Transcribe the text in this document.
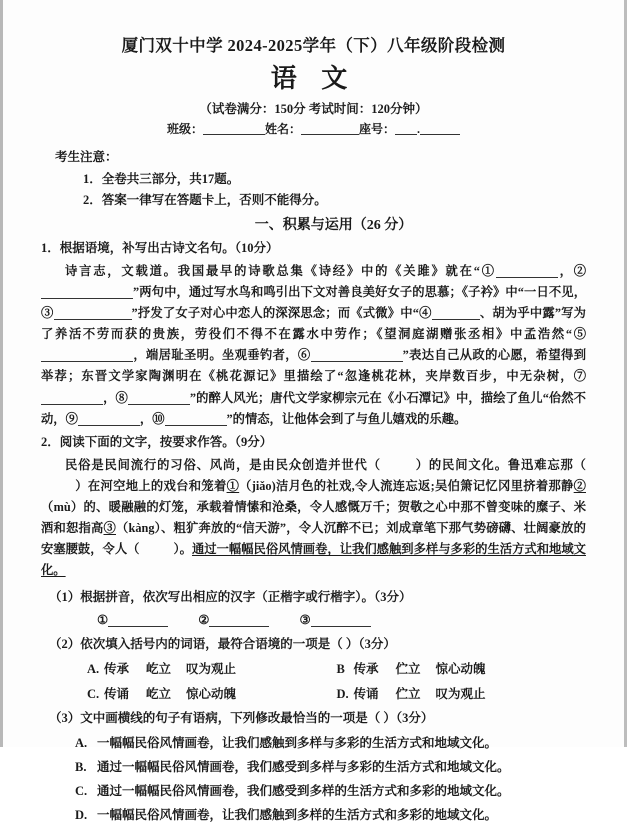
厦门双十中学 2024-2025学年（下）八年级阶段检测
语 文
（试卷满分：150分 考试时间：120分钟）
班级：	姓名：	座号： .
考生注意：
1．全卷共三部分，共17题。
2．答案一律写在答题卡上，否则不能得分。
一、积累与运用（26 分）
1．根据语境，补写出古诗文名句。（10分）
诗言志，文载道。我国最早的诗歌总集《诗经》中的《关雎》就在“①	，②”两句中，通过写水鸟和鸣引出下文对善良美好女子的思慕；《子衿》中“一日不见，③	”抒发了女子对心中恋人的深深思念；而《式微》中“④	、胡为乎中露”写为了养活不劳而获的贵族，劳役们不得不在露水中劳作；《望洞庭湖赠张丞相》中孟浩然“⑤，端居耻圣明。坐观垂钓者，⑥	”表达自己从政的心愿，希望得到举荐；东晋文学家陶渊明在《桃花源记》里描绘了“忽逢桃花林，夹岸数百步，中无杂树，⑦，⑧	”的醉人风光；唐代文学家柳宗元在《小石潭记》中，描绘了鱼儿“佁然不动，⑨	，⑩	”的情态，让他体会到了与鱼儿嬉戏的乐趣。
2．阅读下面的文字，按要求作答。（9分）
民俗是民间流行的习俗、风尚，是由民众创造并世代（	）的民间文化。鲁迅难忘那（）在河空地上的戏台和笼着①（jiǎo)洁月色的社戏,令人流连忘返;吴伯箫记忆冈里挤着那静②（mù）的、暖融融的灯笼，承载着情愫和沧桑，令人感慨万千；贺敬之心中那不曾变味的糜子、米酒和恕指高③（kàng）、粗犷奔放的“信天游”，令人沉醉不已；刘成章笔下那气势磅礴、壮阔豪放的安塞腰鼓，令人（	）。通过一幅幅民俗风情画卷，让我们感触到多样与多彩的生活方式和地域文化。
（1）根据拼音，依次写出相应的汉字（正楷字或行楷字）。（3分）
①	②	③
（2）依次填入括号内的词语，最符合语境的一项是（ ）（3分）
A. 传承 屹立 叹为观止	B 传承 伫立 惊心动魄
C. 传诵 屹立 惊心动魄	D. 传诵 伫立 叹为观止
（3）文中画横线的句子有语病，下列修改最恰当的一项是（ ）（3分）
A. 一幅幅民俗风情画卷，让我们感触到多样与多彩的生活方式和地域文化。
B. 通过一幅幅民俗风情画卷，我们感受到多样与多彩的生活方式和地域文化。
C. 通过一幅幅民俗风情画卷，我们感受到多样的生活方式和多彩的地域文化。
D. 一幅幅民俗风情画卷，让我们感触到多样的生活方式和多彩的地域文化。
